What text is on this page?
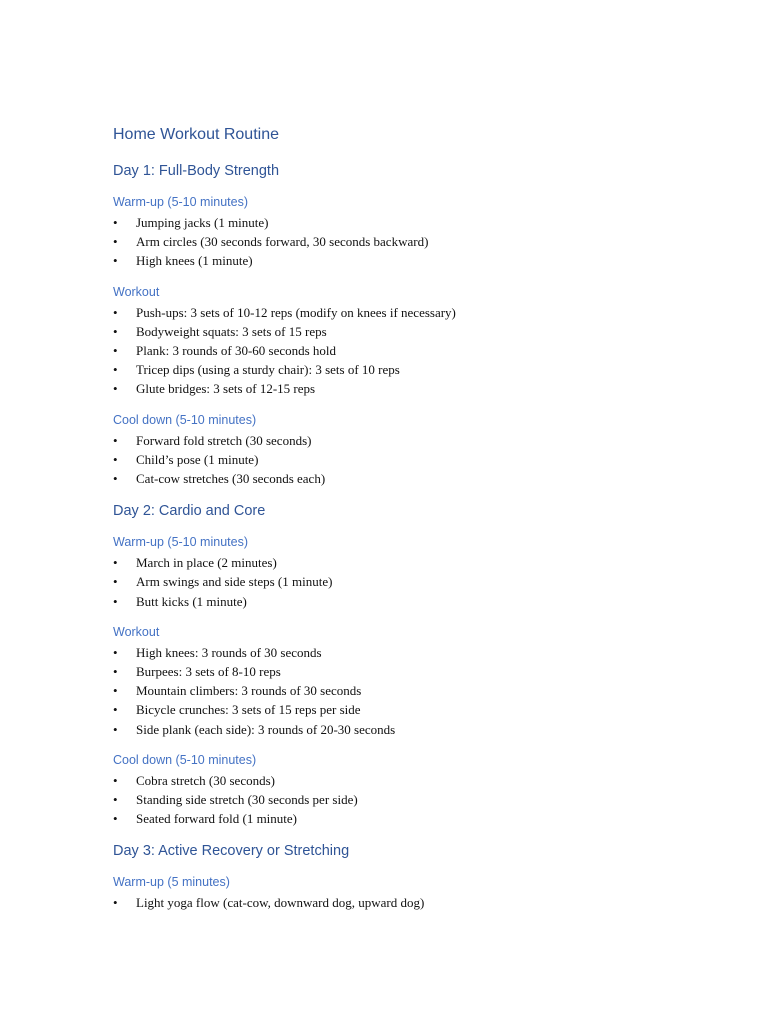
Home Workout Routine
Day 1: Full-Body Strength
Warm-up (5-10 minutes)
• Jumping jacks (1 minute)
• Arm circles (30 seconds forward, 30 seconds backward)
• High knees (1 minute)
Workout
• Push-ups: 3 sets of 10-12 reps (modify on knees if necessary)
• Bodyweight squats: 3 sets of 15 reps
• Plank: 3 rounds of 30-60 seconds hold
• Tricep dips (using a sturdy chair): 3 sets of 10 reps
• Glute bridges: 3 sets of 12-15 reps
Cool down (5-10 minutes)
• Forward fold stretch (30 seconds)
• Child’s pose (1 minute)
• Cat-cow stretches (30 seconds each)
Day 2: Cardio and Core
Warm-up (5-10 minutes)
• March in place (2 minutes)
• Arm swings and side steps (1 minute)
• Butt kicks (1 minute)
Workout
• High knees: 3 rounds of 30 seconds
• Burpees: 3 sets of 8-10 reps
• Mountain climbers: 3 rounds of 30 seconds
• Bicycle crunches: 3 sets of 15 reps per side
• Side plank (each side): 3 rounds of 20-30 seconds
Cool down (5-10 minutes)
• Cobra stretch (30 seconds)
• Standing side stretch (30 seconds per side)
• Seated forward fold (1 minute)
Day 3: Active Recovery or Stretching
Warm-up (5 minutes)
• Light yoga flow (cat-cow, downward dog, upward dog)
